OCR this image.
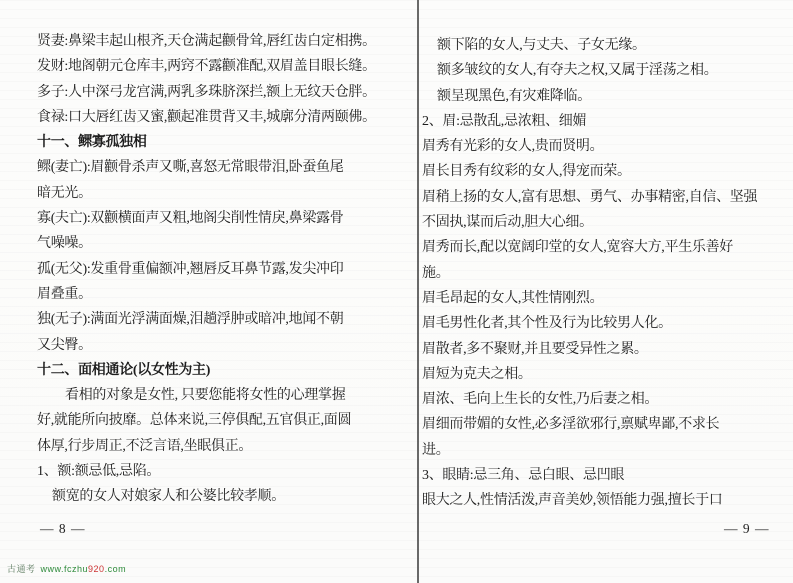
贤妻:鼻梁丰起山根齐,天仓满起颧骨耸,唇红齿白定相携。
发财:地阁朝元仓库丰,两窍不露颧准配,双眉盖目眼长缝。
多子:人中深弓龙宫满,两乳多珠脐深拦,额上无纹天仓胖。
食禄:口大唇红齿又蜜,颧起准贯背又丰,城廓分清两颐佛。
十一、鳏寡孤独相
鳏(妻亡):眉颧骨杀声又嘶,喜怒无常眼带泪,卧蚕鱼尾
暗无光。
寡(夫亡):双颧横面声又粗,地阁尖削性情戾,鼻梁露骨
气噪噪。
孤(无父):发重骨重偏额冲,翘唇反耳鼻节露,发尖冲印
眉叠重。
独(无子):满面光浮满面燥,泪趟浮肿或暗冲,地闻不朝
又尖臀。
十二、面相通论(以女性为主)
看相的对象是女性, 只要您能将女性的心理掌握
好,就能所向披靡。总体来说,三停俱配,五官俱正,面圆
体厚,行步周正,不泛言语,坐眠俱正。
1、额:额忌低,忌陷。
额宽的女人对娘家人和公婆比较孝顺。
额下陷的女人,与丈夫、子女无缘。
额多皱纹的女人,有夺夫之权,又属于淫荡之相。
额呈现黑色,有灾难降临。
2、眉:忌散乱,忌浓粗、细媚
眉秀有光彩的女人,贵而贤明。
眉长目秀有纹彩的女人,得宠而荣。
眉稍上扬的女人,富有思想、勇气、办事精密,自信、坚强
不固执,谋而后动,胆大心细。
眉秀而长,配以宽阔印堂的女人,宽容大方,平生乐善好
施。
眉毛昂起的女人,其性情刚烈。
眉毛男性化者,其个性及行为比较男人化。
眉散者,多不聚财,并且要受异性之累。
眉短为克夫之相。
眉浓、毛向上生长的女性,乃后妻之相。
眉细而带媚的女性,必多淫欲邪行,禀赋卑鄙,不求长
进。
3、眼睛:忌三角、忌白眼、忌凹眼
眼大之人,性情活泼,声音美妙,领悟能力强,擅长于口
— 8 —	— 9 —
古通考 www.fczhu920.com
